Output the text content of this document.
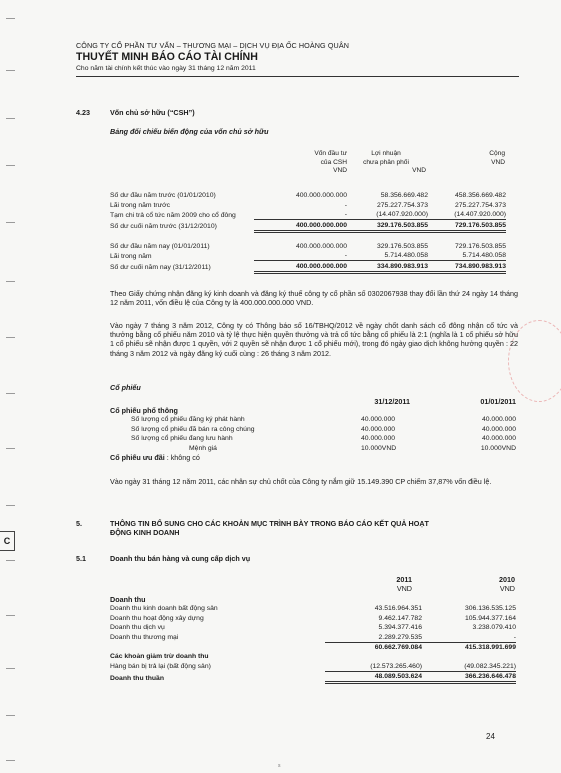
C
CÔNG TY CỔ PHẦN TƯ VẤN – THƯƠNG MẠI – DỊCH VỤ ĐỊA ỐC HOÀNG QUÂN
THUYẾT MINH BÁO CÁO TÀI CHÍNH
Cho năm tài chính kết thúc vào ngày 31 tháng 12 năm 2011
4.23	Vốn chủ sở hữu (“CSH”)
Bảng đối chiếu biến động của vốn chủ sở hữu
Vốn đầu tư
của CSH
VND
Lợi nhuận
chưa phân phối
VND
Cộng
VND
Số dư đầu năm trước (01/01/2010)	400.000.000.000	58.356.669.482	458.356.669.482
Lãi trong năm trước	-	275.227.754.373	275.227.754.373
Tạm chi trả cổ tức năm 2009 cho cổ đông	-	(14.407.920.000)	(14.407.920.000)
Số dư cuối năm trước (31/12/2010)	400.000.000.000	329.176.503.855	729.176.503.855

Số dư đầu năm nay (01/01/2011)	400.000.000.000	329.176.503.855	729.176.503.855
Lãi trong năm	-	5.714.480.058	5.714.480.058
Số dư cuối năm nay (31/12/2011)	400.000.000.000	334.890.983.913	734.890.983.913
Theo Giấy chứng nhận đăng ký kinh doanh và đăng ký thuế công ty cổ phần số 0302067938 thay đổi lần thứ 24 ngày 14 tháng 12 năm 2011, vốn điều lệ của Công ty là 400.000.000.000 VND.
Vào ngày 7 tháng 3 năm 2012, Công ty có Thông báo số 16/TBHQ/2012 về ngày chốt danh sách cổ đông nhận cổ tức và thưởng bằng cổ phiếu năm 2010 và tỷ lệ thực hiện quyền thưởng và trả cổ tức bằng cổ phiếu là 2:1 (nghĩa là 1 cổ phiếu sở hữu 1 cổ phiếu sẽ nhận được 1 quyền, với 2 quyền sẽ nhận được 1 cổ phiếu mới), trong đó ngày giao dịch không hưởng quyền : 22 tháng 3 năm 2012 và ngày đăng ký cuối cùng : 26 tháng 3 năm 2012.
Cổ phiếu
31/12/2011	01/01/2011
Cổ phiếu phổ thông
Số lượng cổ phiếu đăng ký phát hành	40.000.000	40.000.000
Số lượng cổ phiếu đã bán ra công chúng	40.000.000	40.000.000
Số lượng cổ phiếu đang lưu hành	40.000.000	40.000.000
Mệnh giá	10.000VND	10.000VND
Cổ phiếu ưu đãi : không có
Vào ngày 31 tháng 12 năm 2011, các nhân sự chủ chốt của Công ty nắm giữ 15.149.390 CP chiếm 37,87% vốn điều lệ.
5.	THÔNG TIN BỔ SUNG CHO CÁC KHOẢN MỤC TRÌNH BÀY TRONG BÁO CÁO KẾT QUẢ HOẠT
ĐỘNG KINH DOANH
5.1	Doanh thu bán hàng và cung cấp dịch vụ
2011
VND
2010
VND
Doanh thu
Doanh thu kinh doanh bất động sản	43.516.964.351	306.136.535.125
Doanh thu hoạt động xây dựng	9.462.147.782	105.944.377.164
Doanh thu dịch vụ	5.394.377.416	3.238.079.410
Doanh thu thương mại	2.289.279.535	-
	60.662.769.084	415.318.991.699
Các khoản giảm trừ doanh thu		
Hàng bán bị trả lại (bất động sản)	(12.573.265.460)	(49.082.345.221)
Doanh thu thuần	48.089.503.624	366.236.646.478
24
s
